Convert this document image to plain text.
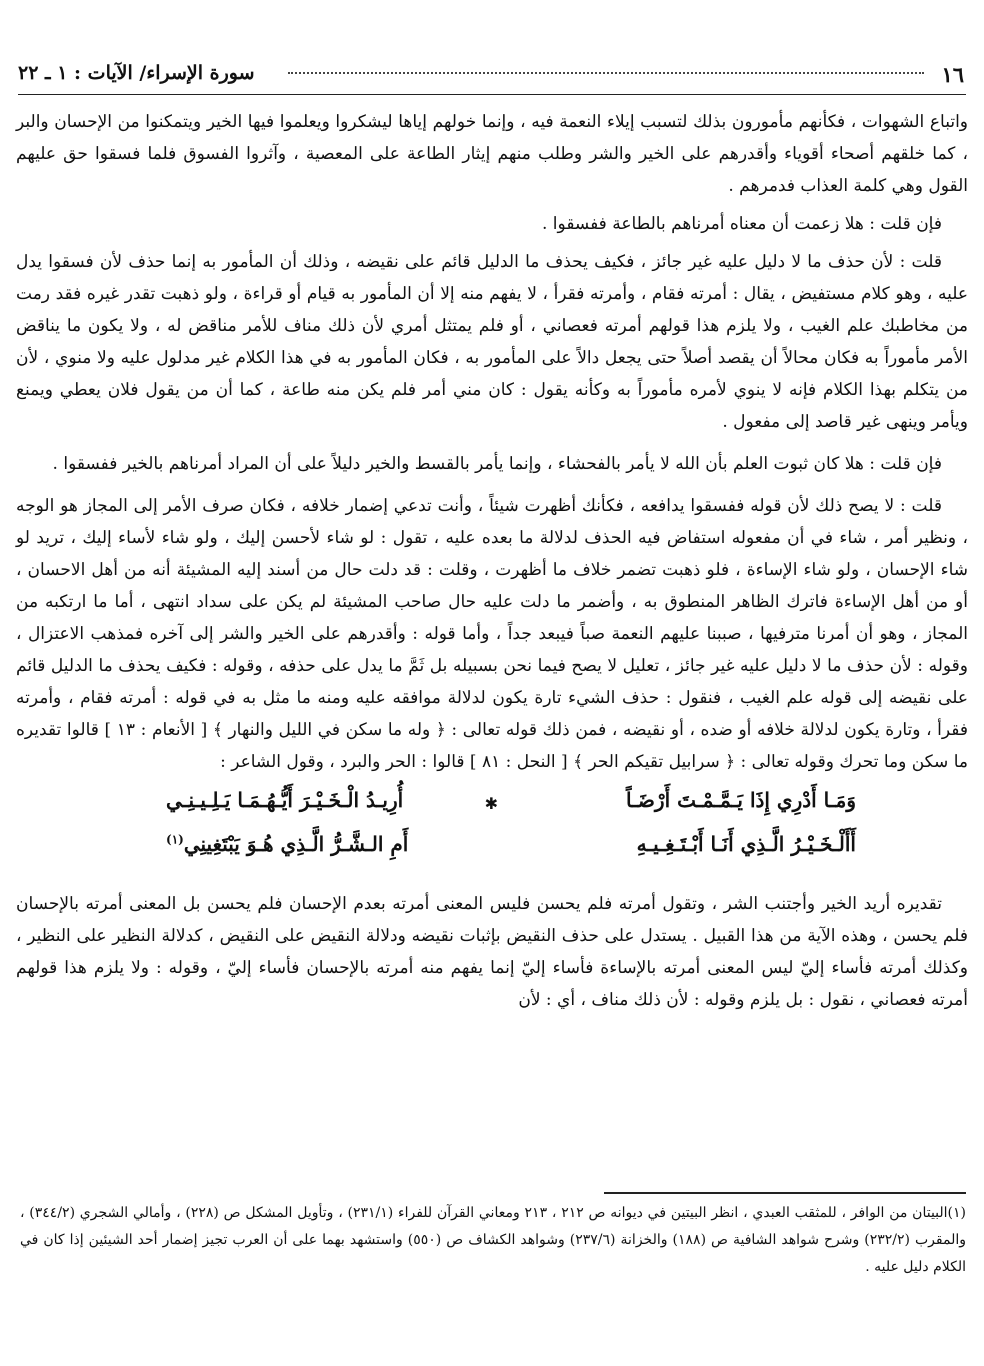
١٦
سورة الإسراء/ الآيات : ١ ـ ٢٢

واتباع الشهوات ، فكأنهم مأمورون بذلك لتسبب إيلاء النعمة فيه ، وإنما خولهم إياها ليشكروا ويعلموا فيها الخير ويتمكنوا من الإحسان والبر ، كما خلقهم أصحاء أقوياء وأقدرهم على الخير والشر وطلب منهم إيثار الطاعة على المعصية ، وآثروا الفسوق فلما فسقوا حق عليهم القول وهي كلمة العذاب فدمرهم .

فإن قلت : هلا زعمت أن معناه أمرناهم بالطاعة ففسقوا .

قلت : لأن حذف ما لا دليل عليه غير جائز ، فكيف يحذف ما الدليل قائم على نقيضه ، وذلك أن المأمور به إنما حذف لأن فسقوا يدل عليه ، وهو كلام مستفيض ، يقال : أمرته فقام ، وأمرته فقرأ ، لا يفهم منه إلا أن المأمور به قيام أو قراءة ، ولو ذهبت تقدر غيره فقد رمت من مخاطبك علم الغيب ، ولا يلزم هذا قولهم أمرته فعصاني ، أو فلم يمتثل أمري لأن ذلك مناف للأمر مناقض له ، ولا يكون ما يناقض الأمر مأموراً به فكان محالاً أن يقصد أصلاً حتى يجعل دالاً على المأمور به ، فكان المأمور به في هذا الكلام غير مدلول عليه ولا منوي ، لأن من يتكلم بهذا الكلام فإنه لا ينوي لأمره مأموراً به وكأنه يقول : كان مني أمر فلم يكن منه طاعة ، كما أن من يقول فلان يعطي ويمنع ويأمر وينهى غير قاصد إلى مفعول .

فإن قلت : هلا كان ثبوت العلم بأن الله لا يأمر بالفحشاء ، وإنما يأمر بالقسط والخير دليلاً على أن المراد أمرناهم بالخير ففسقوا .

قلت : لا يصح ذلك لأن قوله ففسقوا يدافعه ، فكأنك أظهرت شيئاً ، وأنت تدعي إضمار خلافه ، فكان صرف الأمر إلى المجاز هو الوجه ، ونظير أمر ، شاء في أن مفعوله استفاض فيه الحذف لدلالة ما بعده عليه ، تقول : لو شاء لأحسن إليك ، ولو شاء لأساء إليك ، تريد لو شاء الإحسان ، ولو شاء الإساءة ، فلو ذهبت تضمر خلاف ما أظهرت ، وقلت : قد دلت حال من أسند إليه المشيئة أنه من أهل الاحسان ، أو من أهل الإساءة فاترك الظاهر المنطوق به ، وأضمر ما دلت عليه حال صاحب المشيئة لم يكن على سداد انتهى ، أما ما ارتكبه من المجاز ، وهو أن أمرنا مترفيها ، صببنا عليهم النعمة صباً فيبعد جداً ، وأما قوله : وأقدرهم على الخير والشر إلى آخره فمذهب الاعتزال ، وقوله : لأن حذف ما لا دليل عليه غير جائز ، تعليل لا يصح فيما نحن بسبيله بل ثَمَّ ما يدل على حذفه ، وقوله : فكيف يحذف ما الدليل قائم على نقيضه إلى قوله علم الغيب ، فنقول : حذف الشيء تارة يكون لدلالة موافقه عليه ومنه ما مثل به في قوله : أمرته فقام ، وأمرته فقرأ ، وتارة يكون لدلالة خلافه أو ضده ، أو نقيضه ، فمن ذلك قوله تعالى : ﴿ وله ما سكن في الليل والنهار ﴾ [ الأنعام : ١٣ ] قالوا تقديره ما سكن وما تحرك وقوله تعالى : ﴿ سرابيل تقيكم الحر ﴾ [ النحل : ٨١ ] قالوا : الحر والبرد ، وقول الشاعر :

وَمَـا أَدْرِي إِذَا يَـمَّـمْـتَ أَرْضَـاً
✱
أُرِيـدُ الْـخَـيْـرَ أَيُّـهُـمَـا يَـلِـيـنِـي
أَأَلْـخَـيْـرُ الَّـذِي أَنَـا أَبْـتَـغِـيـهِ
أَمِ الـشَّـرُّ الَّـذِي هُـوَ يَبْتَغِينِي$^{(١)}$

تقديره أريد الخير وأجتنب الشر ، وتقول أمرته فلم يحسن فليس المعنى أمرته بعدم الإحسان فلم يحسن بل المعنى أمرته بالإحسان فلم يحسن ، وهذه الآية من هذا القبيل . يستدل على حذف النقيض بإثبات نقيضه ودلالة النقيض على النقيض ، كدلالة النظير على النظير ، وكذلك أمرته فأساء إليّ ليس المعنى أمرته بالإساءة فأساء إليّ إنما يفهم منه أمرته بالإحسان فأساء إليّ ، وقوله : ولا يلزم هذا قولهم أمرته فعصاني ، نقول : بل يلزم وقوله : لأن ذلك مناف ، أي : لأن

(١)البيتان من الوافر ، للمثقب العبدي ، انظر البيتين في ديوانه ص ٢١٢ ، ٢١٣ ومعاني القرآن للفراء (٢٣١/١) ، وتأويل المشكل ص (٢٢٨) ، وأمالي الشجري (٣٤٤/٢) ، والمقرب (٢٣٢/٢) وشرح شواهد الشافية ص (١٨٨) والخزانة (٢٣٧/٦) وشواهد الكشاف ص (٥٥٠) واستشهد بهما على أن العرب تجيز إضمار أحد الشيئين إذا كان في الكلام دليل عليه .
